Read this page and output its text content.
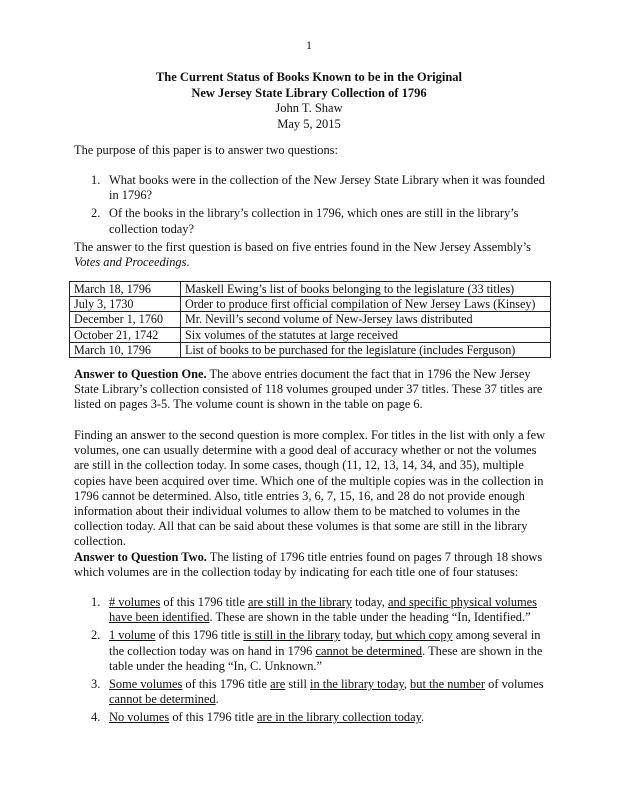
1
The Current Status of Books Known to be in the Original
New Jersey State Library Collection of 1796
John T. Shaw
May 5, 2015

The purpose of this paper is to answer two questions:

1. What books were in the collection of the New Jersey State Library when it was founded in 1796?
2. Of the books in the library’s collection in 1796, which ones are still in the library’s collection today?

The answer to the first question is based on five entries found in the New Jersey Assembly’s Votes and Proceedings.

March 18, 1796	Maskell Ewing’s list of books belonging to the legislature (33 titles)
July 3, 1730	Order to produce first official compilation of New Jersey Laws (Kinsey)
December 1, 1760	Mr. Nevill’s second volume of New-Jersey laws distributed
October 21, 1742	Six volumes of the statutes at large received
March 10, 1796	List of books to be purchased for the legislature (includes Ferguson)

Answer to Question One. The above entries document the fact that in 1796 the New Jersey State Library’s collection consisted of 118 volumes grouped under 37 titles. These 37 titles are listed on pages 3-5. The volume count is shown in the table on page 6.

Finding an answer to the second question is more complex. For titles in the list with only a few volumes, one can usually determine with a good deal of accuracy whether or not the volumes are still in the collection today. In some cases, though (11, 12, 13, 14, 34, and 35), multiple copies have been acquired over time. Which one of the multiple copies was in the collection in 1796 cannot be determined. Also, title entries 3, 6, 7, 15, 16, and 28 do not provide enough information about their individual volumes to allow them to be matched to volumes in the collection today. All that can be said about these volumes is that some are still in the library collection.

Answer to Question Two. The listing of 1796 title entries found on pages 7 through 18 shows which volumes are in the collection today by indicating for each title one of four statuses:

1. # volumes of this 1796 title are still in the library today, and specific physical volumes have been identified. These are shown in the table under the heading “In, Identified.”
2. 1 volume of this 1796 title is still in the library today, but which copy among several in the collection today was on hand in 1796 cannot be determined. These are shown in the table under the heading “In, C. Unknown.”
3. Some volumes of this 1796 title are still in the library today, but the number of volumes cannot be determined.
4. No volumes of this 1796 title are in the library collection today.
